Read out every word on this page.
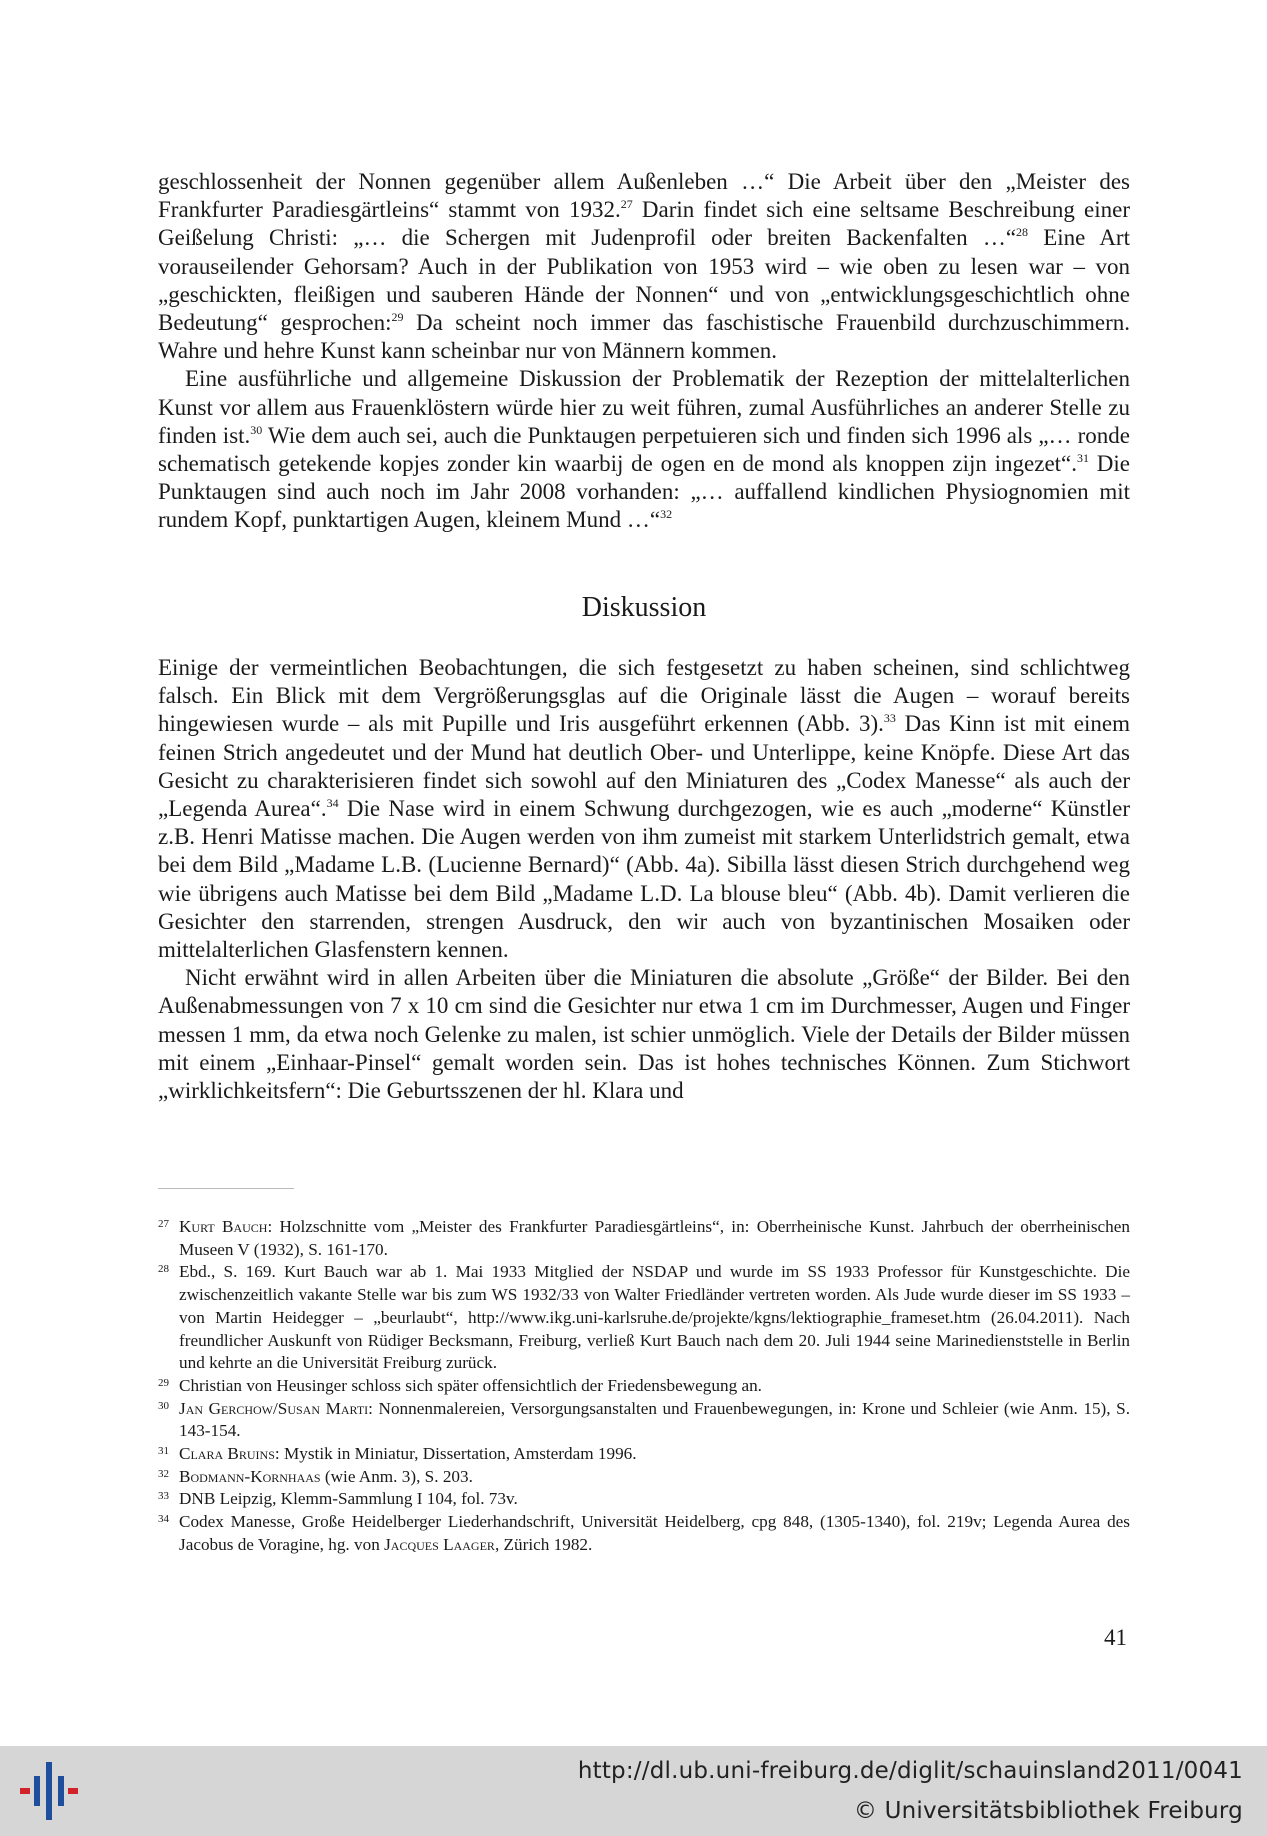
geschlossenheit der Nonnen gegenüber allem Außenleben …“ Die Arbeit über den „Meister des Frankfurter Paradiesgärtleins“ stammt von 1932.27 Darin findet sich eine seltsame Beschreibung einer Geißelung Christi: „… die Schergen mit Judenprofil oder breiten Backenfalten …“$^{28}$ Eine Art vorauseilender Gehorsam? Auch in der Publikation von 1953 wird – wie oben zu lesen war – von „geschickten, fleißigen und sauberen Hände der Nonnen“ und von „entwicklungsgeschichtlich ohne Bedeutung“ gesprochen:$^{29}$ Da scheint noch immer das faschistische Frauenbild durchzuschimmern. Wahre und hehre Kunst kann scheinbar nur von Männern kommen.

Eine ausführliche und allgemeine Diskussion der Problematik der Rezeption der mittelalterlichen Kunst vor allem aus Frauenklöstern würde hier zu weit führen, zumal Ausführliches an anderer Stelle zu finden ist.$^{30}$ Wie dem auch sei, auch die Punktaugen perpetuieren sich und finden sich 1996 als „… ronde schematisch getekende kopjes zonder kin waarbij de ogen en de mond als knoppen zijn ingezet“.$^{31}$ Die Punktaugen sind auch noch im Jahr 2008 vorhanden: „… auffallend kindlichen Physiognomien mit rundem Kopf, punktartigen Augen, kleinem Mund …“$^{32}$

Diskussion

Einige der vermeintlichen Beobachtungen, die sich festgesetzt zu haben scheinen, sind schlichtweg falsch. Ein Blick mit dem Vergrößerungsglas auf die Originale lässt die Augen – worauf bereits hingewiesen wurde – als mit Pupille und Iris ausgeführt erkennen (Abb. 3).$^{33}$ Das Kinn ist mit einem feinen Strich angedeutet und der Mund hat deutlich Ober- und Unterlippe, keine Knöpfe. Diese Art das Gesicht zu charakterisieren findet sich sowohl auf den Miniaturen des „Codex Manesse“ als auch der „Legenda Aurea“.$^{34}$ Die Nase wird in einem Schwung durchgezogen, wie es auch „moderne“ Künstler z.B. Henri Matisse machen. Die Augen werden von ihm zumeist mit starkem Unterlidstrich gemalt, etwa bei dem Bild „Madame L.B. (Lucienne Bernard)“ (Abb. 4a). Sibilla lässt diesen Strich durchgehend weg wie übrigens auch Matisse bei dem Bild „Madame L.D. La blouse bleu“ (Abb. 4b). Damit verlieren die Gesichter den starrenden, strengen Ausdruck, den wir auch von byzantinischen Mosaiken oder mittelalterlichen Glasfenstern kennen.

Nicht erwähnt wird in allen Arbeiten über die Miniaturen die absolute „Größe“ der Bilder. Bei den Außenabmessungen von 7 x 10 cm sind die Gesichter nur etwa 1 cm im Durchmesser, Augen und Finger messen 1 mm, da etwa noch Gelenke zu malen, ist schier unmöglich. Viele der Details der Bilder müssen mit einem „Einhaar-Pinsel“ gemalt worden sein. Das ist hohes technisches Können. Zum Stichwort „wirklichkeitsfern“: Die Geburtsszenen der hl. Klara und

27 Kurt Bauch: Holzschnitte vom „Meister des Frankfurter Paradiesgärtleins“, in: Oberrheinische Kunst. Jahrbuch der oberrheinischen Museen V (1932), S. 161-170.
28 Ebd., S. 169. Kurt Bauch war ab 1. Mai 1933 Mitglied der NSDAP und wurde im SS 1933 Professor für Kunstgeschichte. Die zwischenzeitlich vakante Stelle war bis zum WS 1932/33 von Walter Friedländer vertreten worden. Als Jude wurde dieser im SS 1933 – von Martin Heidegger – „beurlaubt“, http://www.ikg.uni-karlsruhe.de/projekte/kgns/lektiographie_frameset.htm (26.04.2011). Nach freundlicher Auskunft von Rüdiger Becksmann, Freiburg, verließ Kurt Bauch nach dem 20. Juli 1944 seine Marinedienststelle in Berlin und kehrte an die Universität Freiburg zurück.
29 Christian von Heusinger schloss sich später offensichtlich der Friedensbewegung an.
30 Jan Gerchow/Susan Marti: Nonnenmalereien, Versorgungsanstalten und Frauenbewegungen, in: Krone und Schleier (wie Anm. 15), S. 143-154.
31 Clara Bruins: Mystik in Miniatur, Dissertation, Amsterdam 1996.
32 Bodmann-Kornhaas (wie Anm. 3), S. 203.
33 DNB Leipzig, Klemm-Sammlung I 104, fol. 73v.
34 Codex Manesse, Große Heidelberger Liederhandschrift, Universität Heidelberg, cpg 848, (1305-1340), fol. 219v; Legenda Aurea des Jacobus de Voragine, hg. von Jacques Laager, Zürich 1982.
41
http://dl.ub.uni-freiburg.de/diglit/schauinsland2011/0041
© Universitätsbibliothek Freiburg
